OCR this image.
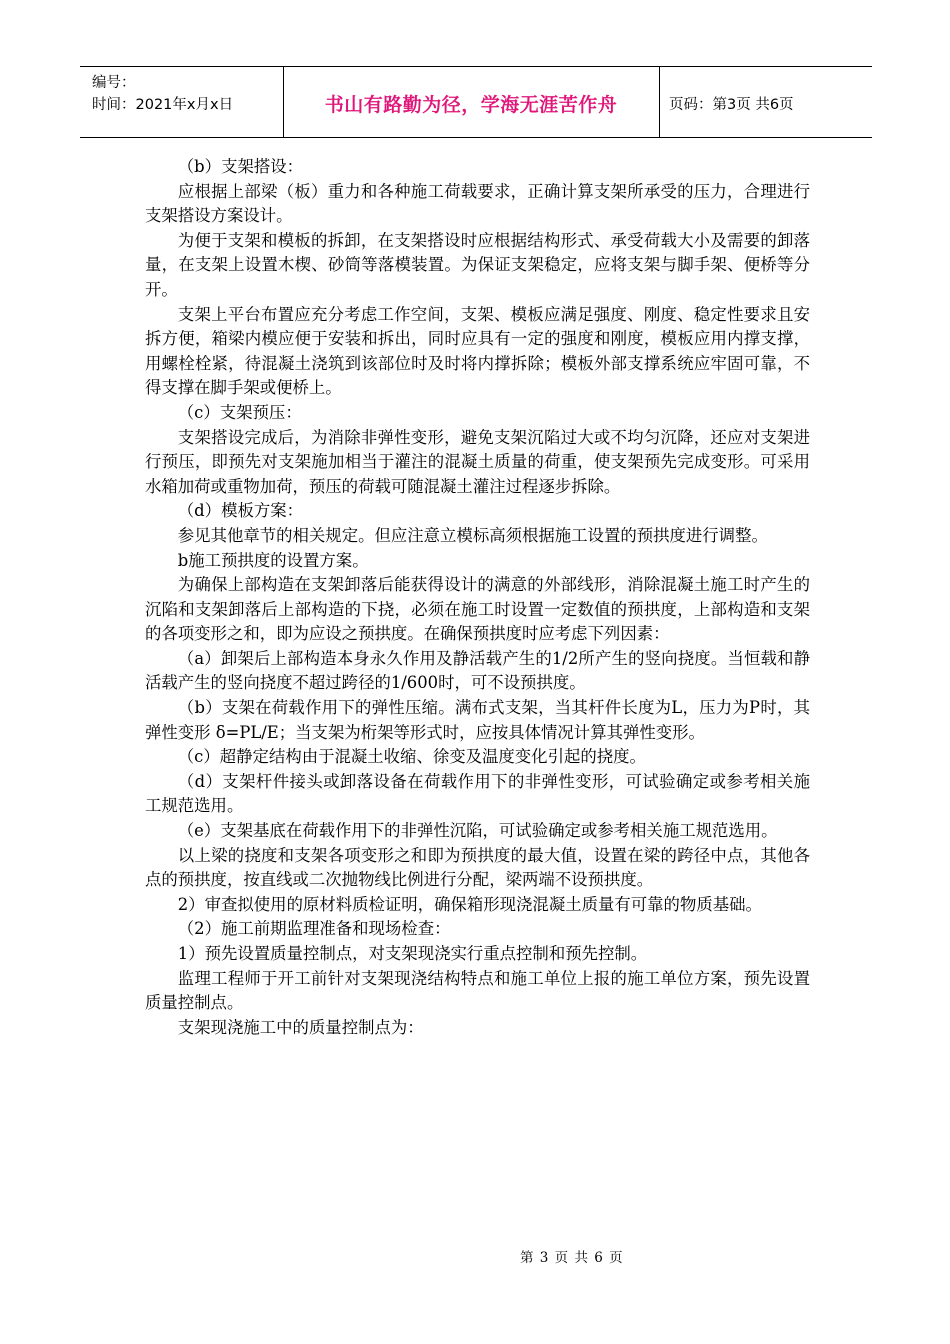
编号：
时间：2021年x月x日	书山有路勤为径，学海无涯苦作舟	页码：第3页 共6页

（b）支架搭设：

应根据上部梁（板）重力和各种施工荷载要求，正确计算支架所承受的压力，合理进行支架搭设方案设计。

为便于支架和模板的拆卸，在支架搭设时应根据结构形式、承受荷载大小及需要的卸落量，在支架上设置木楔、砂筒等落模装置。为保证支架稳定，应将支架与脚手架、便桥等分开。

支架上平台布置应充分考虑工作空间，支架、模板应满足强度、刚度、稳定性要求且安拆方便，箱梁内模应便于安装和拆出，同时应具有一定的强度和刚度，模板应用内撑支撑，用螺栓栓紧，待混凝土浇筑到该部位时及时将内撑拆除；模板外部支撑系统应牢固可靠，不得支撑在脚手架或便桥上。

（c）支架预压：

支架搭设完成后，为消除非弹性变形，避免支架沉陷过大或不均匀沉降，还应对支架进行预压，即预先对支架施加相当于灌注的混凝土质量的荷重，使支架预先完成变形。可采用水箱加荷或重物加荷，预压的荷载可随混凝土灌注过程逐步拆除。

（d）模板方案：

参见其他章节的相关规定。但应注意立模标高须根据施工设置的预拱度进行调整。

b施工预拱度的设置方案。

为确保上部构造在支架卸落后能获得设计的满意的外部线形，消除混凝土施工时产生的沉陷和支架卸落后上部构造的下挠，必须在施工时设置一定数值的预拱度，上部构造和支架的各项变形之和，即为应设之预拱度。在确保预拱度时应考虑下列因素：

（a）卸架后上部构造本身永久作用及静活载产生的1/2所产生的竖向挠度。当恒载和静活载产生的竖向挠度不超过跨径的1/600时，可不设预拱度。

（b）支架在荷载作用下的弹性压缩。满布式支架，当其杆件长度为L，压力为P时，其弹性变形 δ=PL/E；当支架为桁架等形式时，应按具体情况计算其弹性变形。

（c）超静定结构由于混凝土收缩、徐变及温度变化引起的挠度。

（d）支架杆件接头或卸落设备在荷载作用下的非弹性变形，可试验确定或参考相关施工规范选用。

（e）支架基底在荷载作用下的非弹性沉陷，可试验确定或参考相关施工规范选用。

以上梁的挠度和支架各项变形之和即为预拱度的最大值，设置在梁的跨径中点，其他各点的预拱度，按直线或二次抛物线比例进行分配，梁两端不设预拱度。

2）审查拟使用的原材料质检证明，确保箱形现浇混凝土质量有可靠的物质基础。

（2）施工前期监理准备和现场检查：

1）预先设置质量控制点，对支架现浇实行重点控制和预先控制。

监理工程师于开工前针对支架现浇结构特点和施工单位上报的施工单位方案，预先设置质量控制点。

支架现浇施工中的质量控制点为：

第 3 页 共 6 页
